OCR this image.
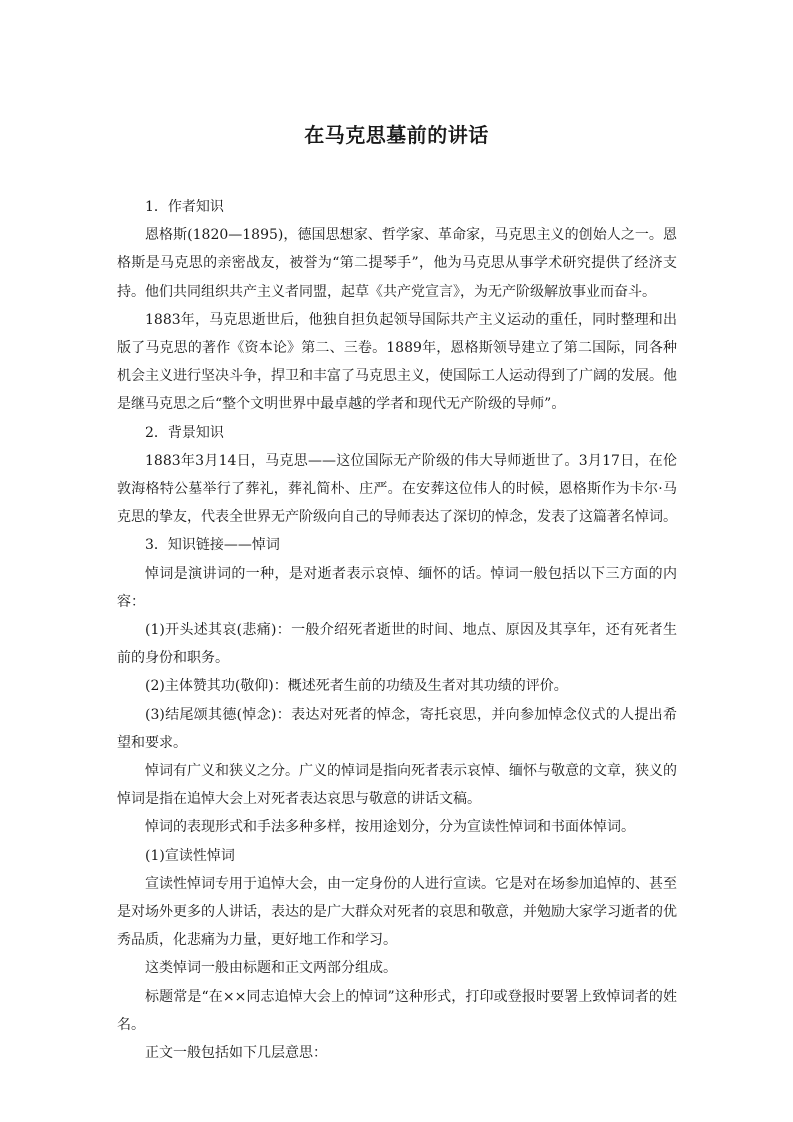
在马克思墓前的讲话

1．作者知识

恩格斯(1820—1895)，德国思想家、哲学家、革命家，马克思主义的创始人之一。恩格斯是马克思的亲密战友，被誉为“第二提琴手”，他为马克思从事学术研究提供了经济支持。他们共同组织共产主义者同盟，起草《共产党宣言》，为无产阶级解放事业而奋斗。

1883年，马克思逝世后，他独自担负起领导国际共产主义运动的重任，同时整理和出版了马克思的著作《资本论》第二、三卷。1889年，恩格斯领导建立了第二国际，同各种机会主义进行坚决斗争，捍卫和丰富了马克思主义，使国际工人运动得到了广阔的发展。他是继马克思之后“整个文明世界中最卓越的学者和现代无产阶级的导师”。

2．背景知识

1883年3月14日，马克思——这位国际无产阶级的伟大导师逝世了。3月17日，在伦敦海格特公墓举行了葬礼，葬礼简朴、庄严。在安葬这位伟人的时候，恩格斯作为卡尔·马克思的挚友，代表全世界无产阶级向自己的导师表达了深切的悼念，发表了这篇著名悼词。

3．知识链接——悼词

悼词是演讲词的一种，是对逝者表示哀悼、缅怀的话。悼词一般包括以下三方面的内容：

(1)开头述其哀(悲痛)：一般介绍死者逝世的时间、地点、原因及其享年，还有死者生前的身份和职务。

(2)主体赞其功(敬仰)：概述死者生前的功绩及生者对其功绩的评价。

(3)结尾颂其德(悼念)：表达对死者的悼念，寄托哀思，并向参加悼念仪式的人提出希望和要求。

悼词有广义和狭义之分。广义的悼词是指向死者表示哀悼、缅怀与敬意的文章，狭义的悼词是指在追悼大会上对死者表达哀思与敬意的讲话文稿。

悼词的表现形式和手法多种多样，按用途划分，分为宣读性悼词和书面体悼词。

(1)宣读性悼词

宣读性悼词专用于追悼大会，由一定身份的人进行宣读。它是对在场参加追悼的、甚至是对场外更多的人讲话，表达的是广大群众对死者的哀思和敬意，并勉励大家学习逝者的优秀品质，化悲痛为力量，更好地工作和学习。

这类悼词一般由标题和正文两部分组成。

标题常是“在××同志追悼大会上的悼词”这种形式，打印或登报时要署上致悼词者的姓名。

正文一般包括如下几层意思：
